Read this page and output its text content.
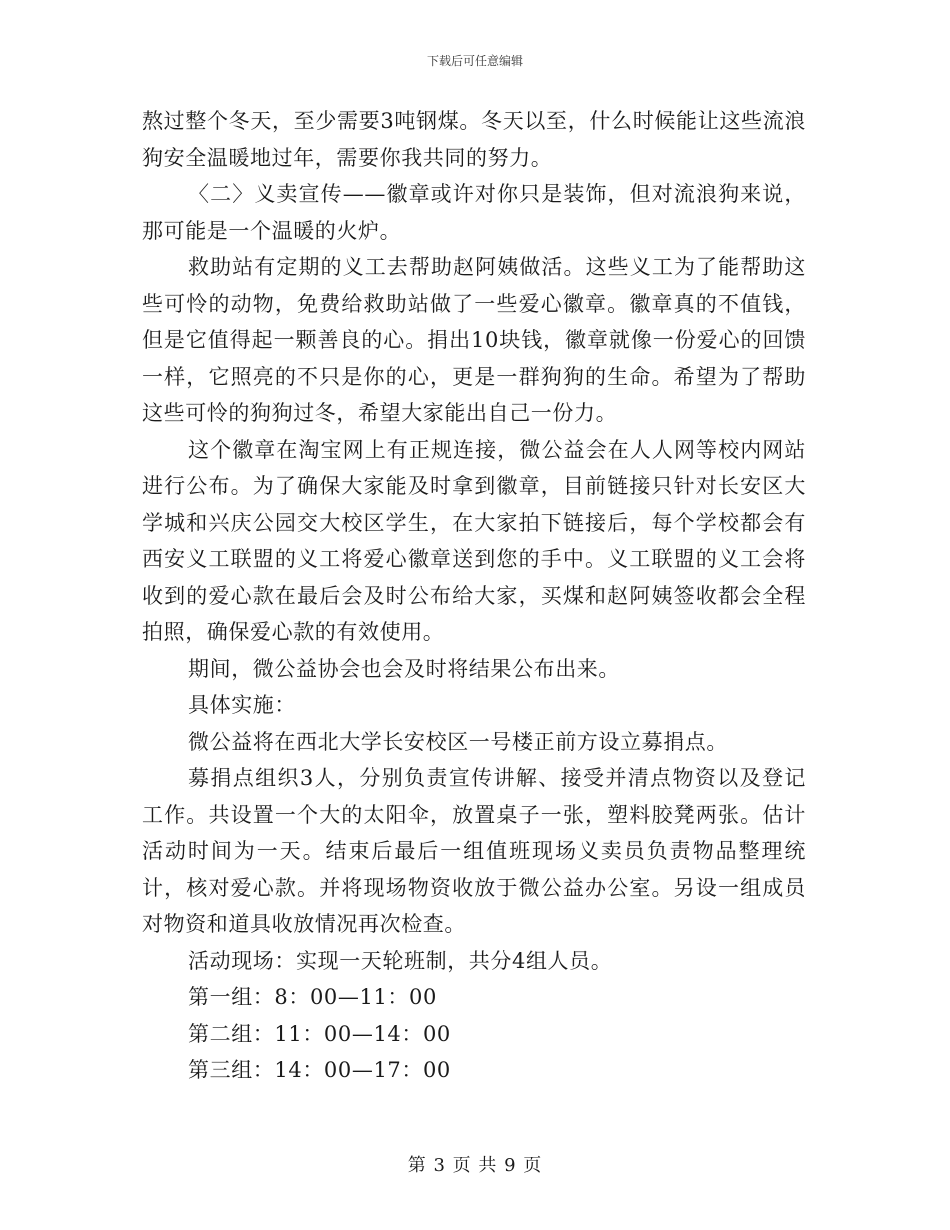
下载后可任意编辑

熬过整个冬天，至少需要3吨钢煤。冬天以至，什么时候能让这些流浪狗安全温暖地过年，需要你我共同的努力。

〈二〉义卖宣传——徽章或许对你只是装饰，但对流浪狗来说，那可能是一个温暖的火炉。

救助站有定期的义工去帮助赵阿姨做活。这些义工为了能帮助这些可怜的动物，免费给救助站做了一些爱心徽章。徽章真的不值钱，但是它值得起一颗善良的心。捐出10块钱，徽章就像一份爱心的回馈一样，它照亮的不只是你的心，更是一群狗狗的生命。希望为了帮助这些可怜的狗狗过冬，希望大家能出自己一份力。

这个徽章在淘宝网上有正规连接，微公益会在人人网等校内网站进行公布。为了确保大家能及时拿到徽章，目前链接只针对长安区大学城和兴庆公园交大校区学生，在大家拍下链接后，每个学校都会有西安义工联盟的义工将爱心徽章送到您的手中。义工联盟的义工会将收到的爱心款在最后会及时公布给大家，买煤和赵阿姨签收都会全程拍照，确保爱心款的有效使用。

期间，微公益协会也会及时将结果公布出来。

具体实施：

微公益将在西北大学长安校区一号楼正前方设立募捐点。

募捐点组织3人，分别负责宣传讲解、接受并清点物资以及登记工作。共设置一个大的太阳伞，放置桌子一张，塑料胶凳两张。估计活动时间为一天。结束后最后一组值班现场义卖员负责物品整理统计，核对爱心款。并将现场物资收放于微公益办公室。另设一组成员对物资和道具收放情况再次检查。

活动现场：实现一天轮班制，共分4组人员。

第一组：8：00—11：00

第二组：11：00—14：00

第三组：14：00—17：00

第 3 页 共 9 页
